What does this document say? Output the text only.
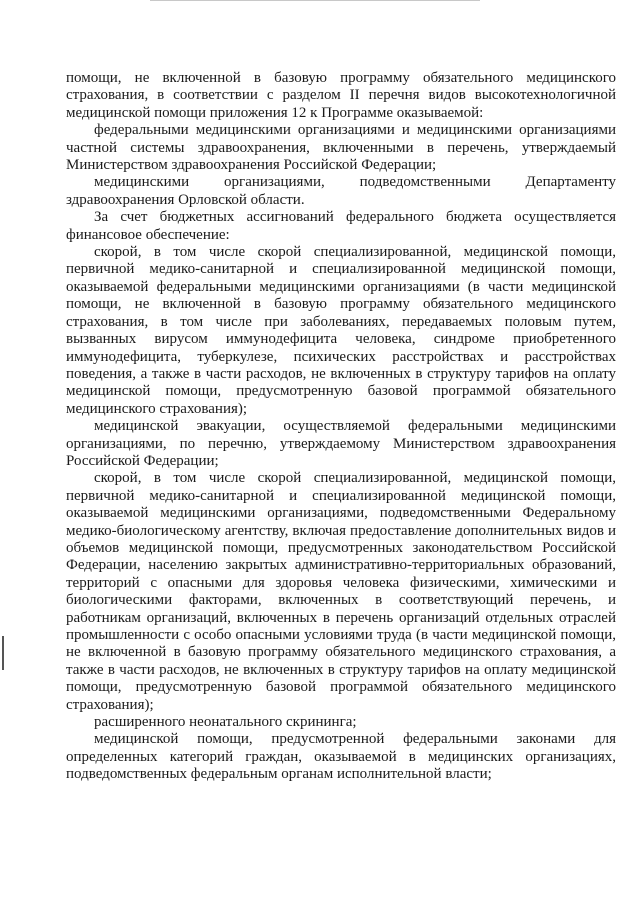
помощи, не включенной в базовую программу обязательного медицинского страхования, в соответствии с разделом II перечня видов высокотехнологичной медицинской помощи приложения 12 к Программе оказываемой:

федеральными медицинскими организациями и медицинскими организациями частной системы здравоохранения, включенными в перечень, утверждаемый Министерством здравоохранения Российской Федерации;

медицинскими организациями, подведомственными Департаменту здравоохранения Орловской области.

За счет бюджетных ассигнований федерального бюджета осуществляется финансовое обеспечение:

скорой, в том числе скорой специализированной, медицинской помощи, первичной медико-санитарной и специализированной медицинской помощи, оказываемой федеральными медицинскими организациями (в части медицинской помощи, не включенной в базовую программу обязательного медицинского страхования, в том числе при заболеваниях, передаваемых половым путем, вызванных вирусом иммунодефицита человека, синдроме приобретенного иммунодефицита, туберкулезе, психических расстройствах и расстройствах поведения, а также в части расходов, не включенных в структуру тарифов на оплату медицинской помощи, предусмотренную базовой программой обязательного медицинского страхования);

медицинской эвакуации, осуществляемой федеральными медицинскими организациями, по перечню, утверждаемому Министерством здравоохранения Российской Федерации;

скорой, в том числе скорой специализированной, медицинской помощи, первичной медико-санитарной и специализированной медицинской помощи, оказываемой медицинскими организациями, подведомственными Федеральному медико-биологическому агентству, включая предоставление дополнительных видов и объемов медицинской помощи, предусмотренных законодательством Российской Федерации, населению закрытых административно-территориальных образований, территорий с опасными для здоровья человека физическими, химическими и биологическими факторами, включенных в соответствующий перечень, и работникам организаций, включенных в перечень организаций отдельных отраслей промышленности с особо опасными условиями труда (в части медицинской помощи, не включенной в базовую программу обязательного медицинского страхования, а также в части расходов, не включенных в структуру тарифов на оплату медицинской помощи, предусмотренную базовой программой обязательного медицинского страхования);

расширенного неонатального скрининга;

медицинской помощи, предусмотренной федеральными законами для определенных категорий граждан, оказываемой в медицинских организациях, подведомственных федеральным органам исполнительной власти;
